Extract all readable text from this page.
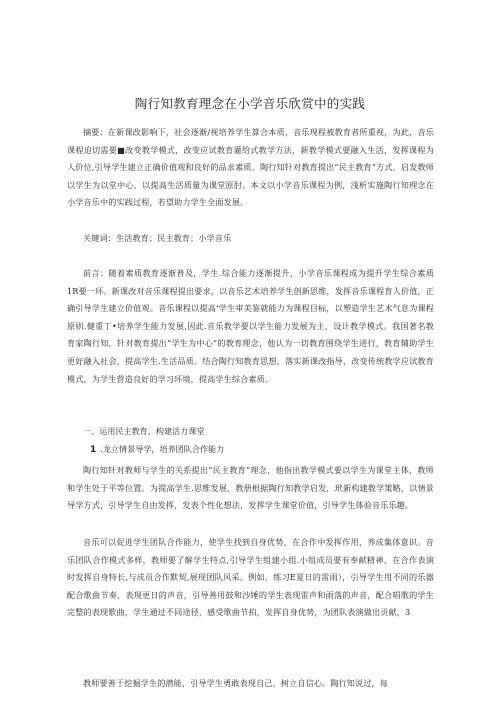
陶行知教育理念在小学音乐欣赏中的实践

摘要：在新课改影响下，社会逐渐/视培养学生算合本质，音乐现程被教育者所重视，为此，音乐课程迫切需要■改变教学模式，改变应试教育灌给式教学方法，新教学模式要融入生活，发挥课程为人价位,引导学生建立正确价值观和良好的品求素质。陶行知针对教育提出“民主教育”方式，启发教师以学生为以堂中心，以提高生活质量为课堂原肘。本文以小学音乐课程为例，浅析实施陶行知理念在小学音乐中的实践过程，若望助力学生全面发展。

关键词：生活教育；民主教育；小学音乐

前言：随着素质教育逐渐普及，学生.综合能力逐渐提升，小学音乐课程成为提升学生综合素质1R要一环。新课改对音乐课程提出要求，以音乐艺术培养学生创新思维，发挥音乐课程育人价值，正确引导学生建立价值观。音乐课程以提高‘学生审美鉴就能力为课程目标，以塑造学生艺术气息为课程原则.健重丁•培养学生能力发展,因此.音乐教学要以学生能力发展为主，设计教学模式。我国著名教育家陶行知，针对教育提出“学生为中心”的教育理念，他认为一切教育围绕学生进行，教育辅助学生更好融入社会，提高学生.生活品质。结合陶行知教育思想，落实新课改指导，改变传统教学应试教育模式，为学生营造良好的学习环境，提高学生综合素质。

一、运用民主教育，构建活力课堂

1 .龙立情景导学，培养团队合作能力

陶行知针对教师与学生的关系提出“民主教育”理念，他指出教学模式要以学生为课堂主体，教师和学生处于平等位置。为提高学生.思维发展，教册根据陶行知教学启发，玳新构建教学策略，以情景导学方式，引导学生自由发挥，发表个性化想法，发挥学生课堂价值，引导学生体验音乐乐趣。

音乐可以促进学生团队合作能力，使学生找到自身优势，在合作中发挥作用，养成集体意识。音乐团队合作模式多样，教师要了解学生特点,引导学生组建小组.小组成员要有奉献精神，在合作表演时发挥自身特长,与成员合作默契,展现团队风采。例如，练习E夏日的雷雨），引导学生用不同的乐器配合歌曲节奏，表现更日的声音，引导善用鼓和沙锤的学生表现雷声和雨落的声音，配合唱歌的学生完整的表现歌曲，学生通过不同途径，感受歌曲节拍，发挥自身优势，为团队表演做出贡献，3

教师要善于挖掘学生的潜能，引导学生勇敢表现自己，树立自信心。陶行知说过，每
